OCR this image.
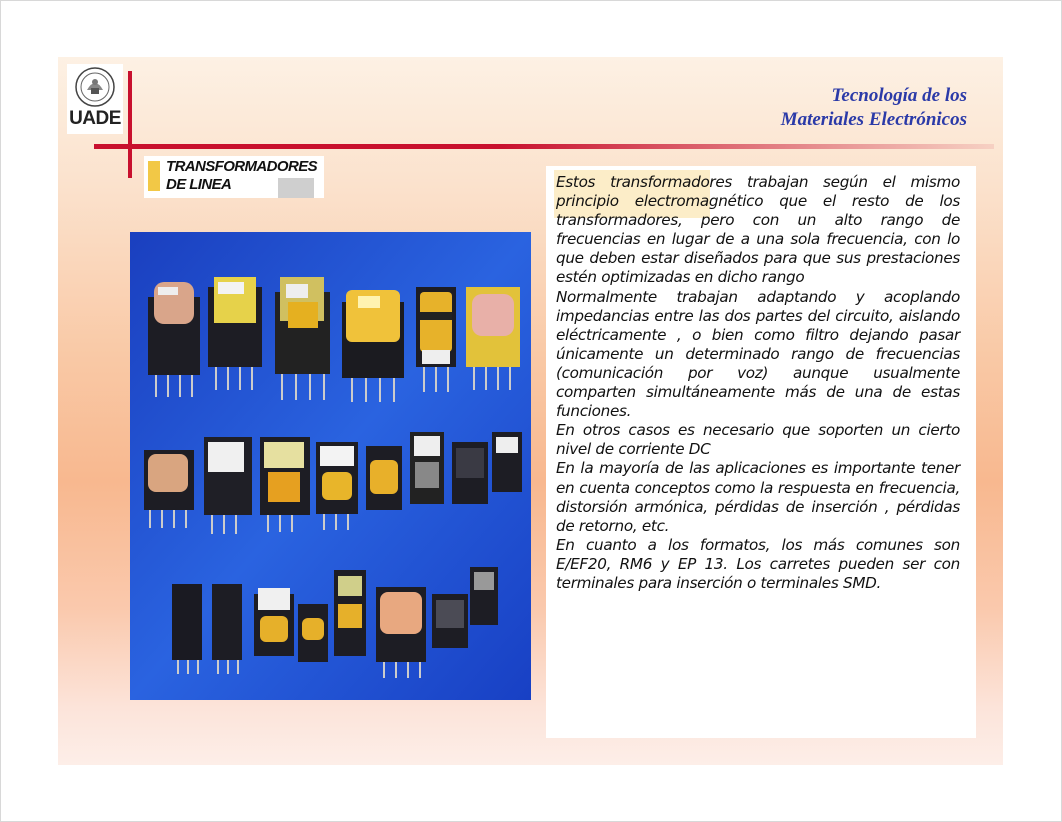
UADE
Tecnología de los
Materiales Electrónicos
TRANSFORMADORES
DE LINEA	Estos transformadores trabajan según el mismo principio electromagnético que el resto de los transformadores, pero con un alto rango de frecuencias en lugar de a una sola frecuencia, con lo que deben estar diseñados para que sus prestaciones estén optimizadas en dicho rango

Normalmente trabajan adaptando y acoplando impedancias entre las dos partes del circuito, aislando eléctricamente , o bien como filtro dejando pasar únicamente un determinado rango de frecuencias (comunicación por voz) aunque usualmente comparten simultáneamente más de una de estas funciones.

En otros casos es necesario que soporten un cierto nivel de corriente DC

En la mayoría de las aplicaciones es importante tener en cuenta conceptos como la respuesta en frecuencia, distorsión armónica, pérdidas de inserción , pérdidas de retorno, etc.

En cuanto a los formatos, los más comunes son E/EF20, RM6 y EP 13. Los carretes pueden ser con terminales para inserción o terminales SMD.
